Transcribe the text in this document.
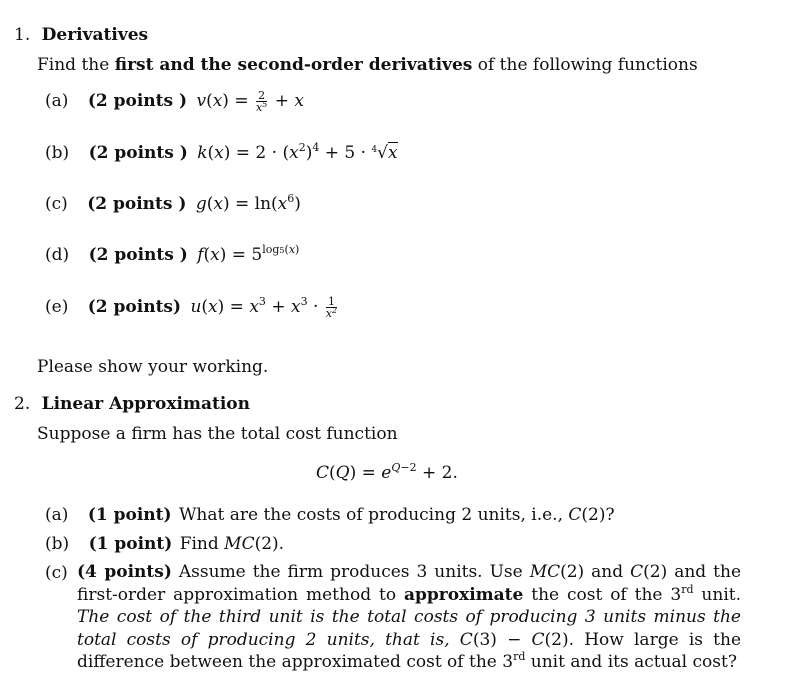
1. Derivatives
Find the first and the second-order derivatives of the following functions
(a) (2 points ) $v(x) = \frac{2}{x^5} + x$
(b) (2 points ) $k(x) = 2 \cdot (x^2)^4 + 5 \cdot ^4√x$
(c) (2 points ) $g(x) = \ln(x^6)$
(d) (2 points ) $f(x) = 5^{log5(x)}$
(e) (2 points) $u(x) = x^3 + x^3 \cdot \frac{1}{x^2}$
Please show your working.
2. Linear Approximation
Suppose a firm has the total cost function
$C(Q) = e^{Q-2} + 2$.
(a) (1 point) What are the costs of producing 2 units, i.e., C(2)?
(b) (1 point) Find MC(2).
(c) (4 points) Assume the firm produces 3 units. Use MC(2) and C(2) and the first-order approximation method to approximate the cost of the 3rd unit. The cost of the third unit is the total costs of producing 3 units minus the total costs of producing 2 units, that is, C(3) − C(2). How large is the difference between the approximated cost of the 3rd unit and its actual cost?
